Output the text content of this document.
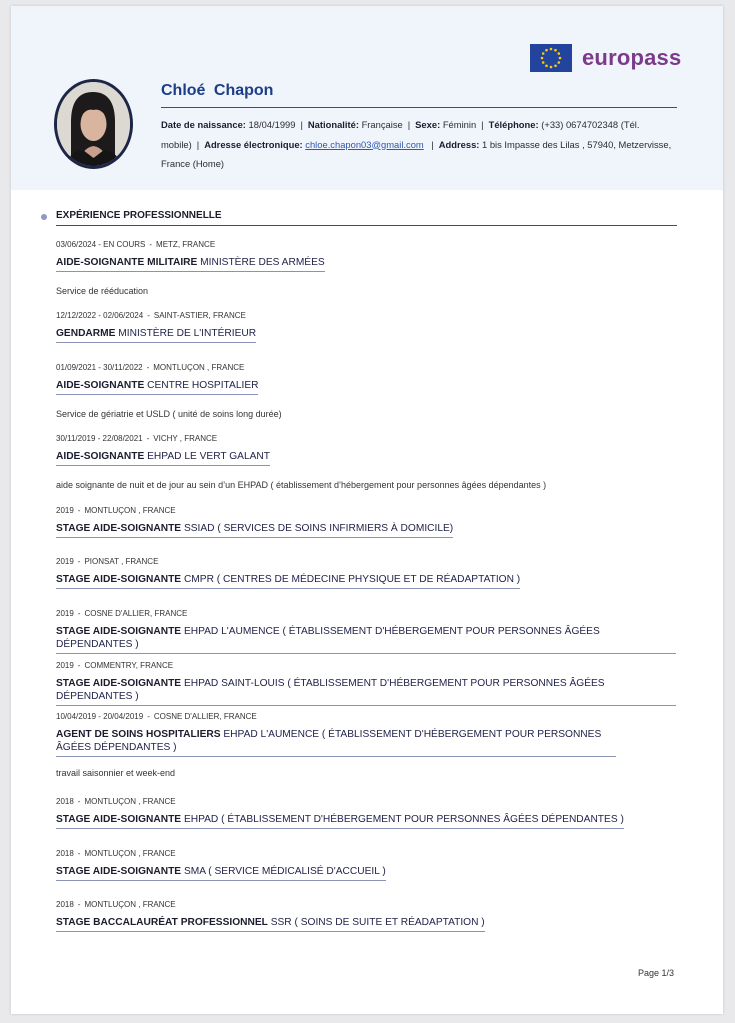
europass
Chloé Chapon
Date de naissance: 18/04/1999 | Nationalité: Française | Sexe: Féminin | Téléphone: (+33) 0674702348 (Tél. mobile) | Adresse électronique: chloe.chapon03@gmail.com | Address: 1 bis Impasse des Lilas , 57940, Metzervisse, France (Home)
EXPÉRIENCE PROFESSIONNELLE
03/06/2024 - EN COURS - METZ, FRANCE
AIDE-SOIGNANTE MILITAIRE MINISTÈRE DES ARMÉES
Service de rééducation
12/12/2022 - 02/06/2024 - SAINT-ASTIER, FRANCE
GENDARME MINISTÈRE DE L'INTÉRIEUR
01/09/2021 - 30/11/2022 - MONTLUÇON , FRANCE
AIDE-SOIGNANTE CENTRE HOSPITALIER
Service de gériatrie et USLD ( unité de soins long durée)
30/11/2019 - 22/08/2021 - VICHY , FRANCE
AIDE-SOIGNANTE EHPAD LE VERT GALANT
aide soignante de nuit et de jour au sein d’un EHPAD ( établissement d’hébergement pour personnes âgées dépendantes )
2019 - MONTLUÇON , FRANCE
STAGE AIDE-SOIGNANTE SSIAD ( SERVICES DE SOINS INFIRMIERS À DOMICILE)
2019 - PIONSAT , FRANCE
STAGE AIDE-SOIGNANTE CMPR ( CENTRES DE MÉDECINE PHYSIQUE ET DE RÉADAPTATION )
2019 - COSNE D'ALLIER, FRANCE
STAGE AIDE-SOIGNANTE EHPAD L'AUMENCE ( ÉTABLISSEMENT D'HÉBERGEMENT POUR PERSONNES ÂGÉES DÉPENDANTES )
2019 - COMMENTRY, FRANCE
STAGE AIDE-SOIGNANTE EHPAD SAINT-LOUIS ( ÉTABLISSEMENT D'HÉBERGEMENT POUR PERSONNES ÂGÉES DÉPENDANTES )
10/04/2019 - 20/04/2019 - COSNE D'ALLIER, FRANCE
AGENT DE SOINS HOSPITALIERS EHPAD L'AUMENCE ( ÉTABLISSEMENT D'HÉBERGEMENT POUR PERSONNES ÂGÉES DÉPENDANTES )
travail saisonnier et week-end
2018 - MONTLUÇON , FRANCE
STAGE AIDE-SOIGNANTE EHPAD ( ÉTABLISSEMENT D'HÉBERGEMENT POUR PERSONNES ÂGÉES DÉPENDANTES )
2018 - MONTLUÇON , FRANCE
STAGE AIDE-SOIGNANTE SMA ( SERVICE MÉDICALISÉ D'ACCUEIL )
2018 - MONTLUÇON , FRANCE
STAGE BACCALAURÉAT PROFESSIONNEL SSR ( SOINS DE SUITE ET RÉADAPTATION )
Page 1/3
